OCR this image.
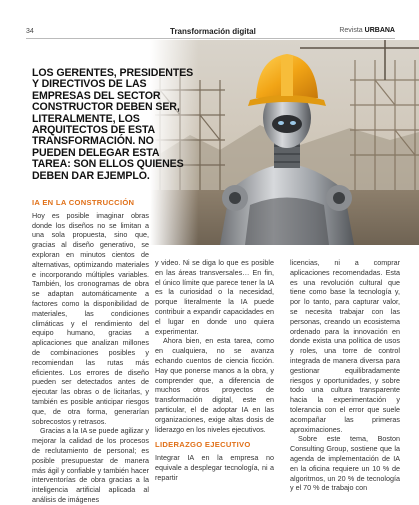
34	Transformación digital	Revista URBANA
LOS GERENTES, PRESIDENTES Y DIRECTIVOS DE LAS EMPRESAS DEL SECTOR CONSTRUCTOR DEBEN SER, LITERALMENTE, LOS ARQUITECTOS DE ESTA TRANSFORMACIÓN. NO PUEDEN DELEGAR ESTA TAREA: SON ELLOS QUIENES DEBEN DAR EJEMPLO.
IA EN LA CONSTRUCCIÓN

Hoy es posible imaginar obras donde los diseños no se limitan a una sola propuesta, sino que, gracias al diseño generativo, se exploran en minutos cientos de alternativas, optimizando materiales e incorporando múltiples variables. También, los cronogramas de obra se adaptan automáticamente a factores como la disponibilidad de materiales, las condiciones climáticas y el rendimiento del equipo humano, gracias a aplicaciones que analizan millones de combinaciones posibles y recomiendan las rutas más eficientes. Los errores de diseño pueden ser detectados antes de ejecutar las obras o de licitarlas, y también es posible anticipar riesgos que, de otra forma, generarían sobrecostos y retrasos.

Gracias a la IA se puede agilizar y mejorar la calidad de los procesos de reclutamiento de personal; es posible presupuestar de manera más ágil y confiable y también hacer interventorías de obra gracias a la inteligencia artificial aplicada al análisis de imágenes

y video. Ni se diga lo que es posible en las áreas transversales… En fin, el único límite que parece tener la IA es la curiosidad o la necesidad, porque literalmente la IA puede contribuir a expandir capacidades en el lugar en donde uno quiera experimentar.

Ahora bien, en esta tarea, como en cualquiera, no se avanza echando cuentos de ciencia ficción. Hay que ponerse manos a la obra, y comprender que, a diferencia de muchos otros proyectos de transformación digital, este en particular, el de adoptar IA en las organizaciones, exige altas dosis de liderazgo en los niveles ejecutivos.

LIDERAZGO EJECUTIVO

Integrar IA en la empresa no equivale a desplegar tecnología, ni a repartir

licencias, ni a comprar aplicaciones recomendadas. Esta es una revolución cultural que tiene como base la tecnología y, por lo tanto, para capturar valor, se necesita trabajar con las personas, creando un ecosistema ordenado para la innovación en donde exista una política de usos y roles, una torre de control integrada de manera diversa para gestionar equilibradamente riesgos y oportunidades, y sobre todo una cultura transparente hacia la experimentación y tolerancia con el error que suele acompañar las primeras aproximaciones.

Sobre este tema, Boston Consulting Group, sostiene que la agenda de implementación de IA en la oficina requiere un 10 % de algoritmos, un 20 % de tecnología y el 70 % de trabajo con
